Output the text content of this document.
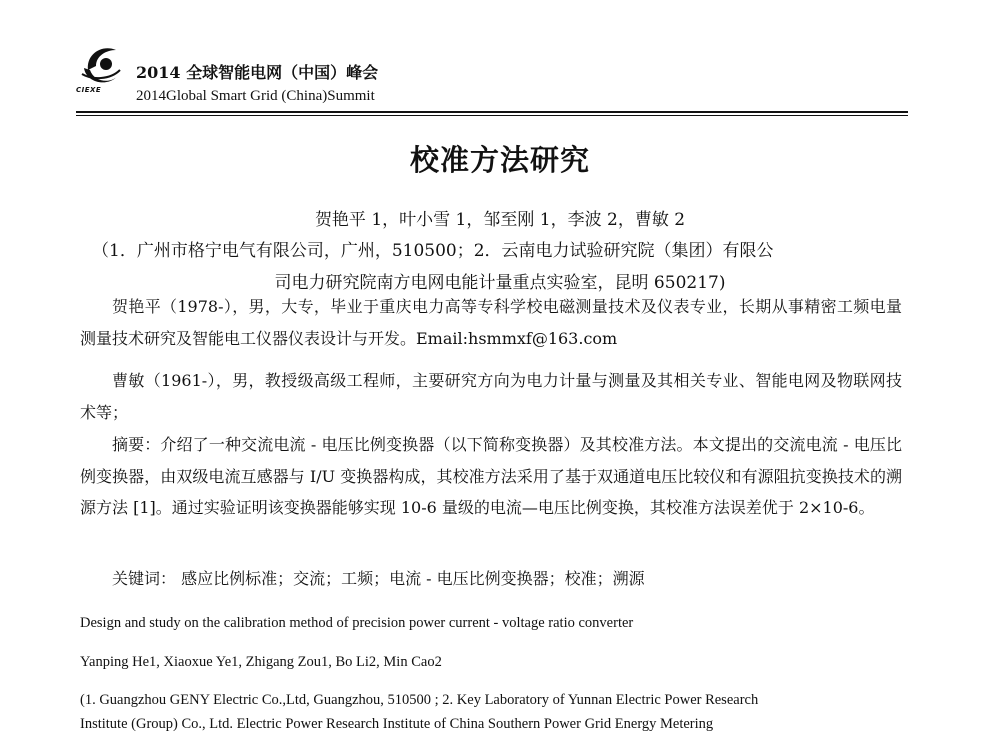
CIEXE
2014 全球智能电网（中国）峰会
2014Global Smart Grid (China)Summit
校准方法研究
贺艳平 1，叶小雪 1，邹至刚 1，李波 2，曹敏 2
（1．广州市格宁电气有限公司，广州，510500；2．云南电力试验研究院（集团）有限公
司电力研究院南方电网电能计量重点实验室，昆明 650217)
贺艳平（1978-），男，大专，毕业于重庆电力高等专科学校电磁测量技术及仪表专业，长期从事精密工频电量测量技术研究及智能电工仪器仪表设计与开发。Email:hsmmxf@163.com
曹敏（1961-），男，教授级高级工程师，主要研究方向为电力计量与测量及其相关专业、智能电网及物联网技术等；
摘要：介绍了一种交流电流 - 电压比例变换器（以下简称变换器）及其校准方法。本文提出的交流电流 - 电压比例变换器，由双级电流互感器与 I/U 变换器构成，其校准方法采用了基于双通道电压比较仪和有源阻抗变换技术的溯源方法 [1]。通过实验证明该变换器能够实现 10-6 量级的电流—电压比例变换，其校准方法误差优于 2×10-6。
关键词： 感应比例标准；交流；工频；电流 - 电压比例变换器；校准；溯源
Design and study on the calibration method of precision power current - voltage ratio converter
Yanping He1, Xiaoxue Ye1, Zhigang Zou1, Bo Li2, Min Cao2
(1. Guangzhou GENY Electric Co.,Ltd, Guangzhou, 510500 ; 2. Key Laboratory of Yunnan Electric Power Research
Institute (Group) Co., Ltd. Electric Power Research Institute of China Southern Power Grid Energy Metering
